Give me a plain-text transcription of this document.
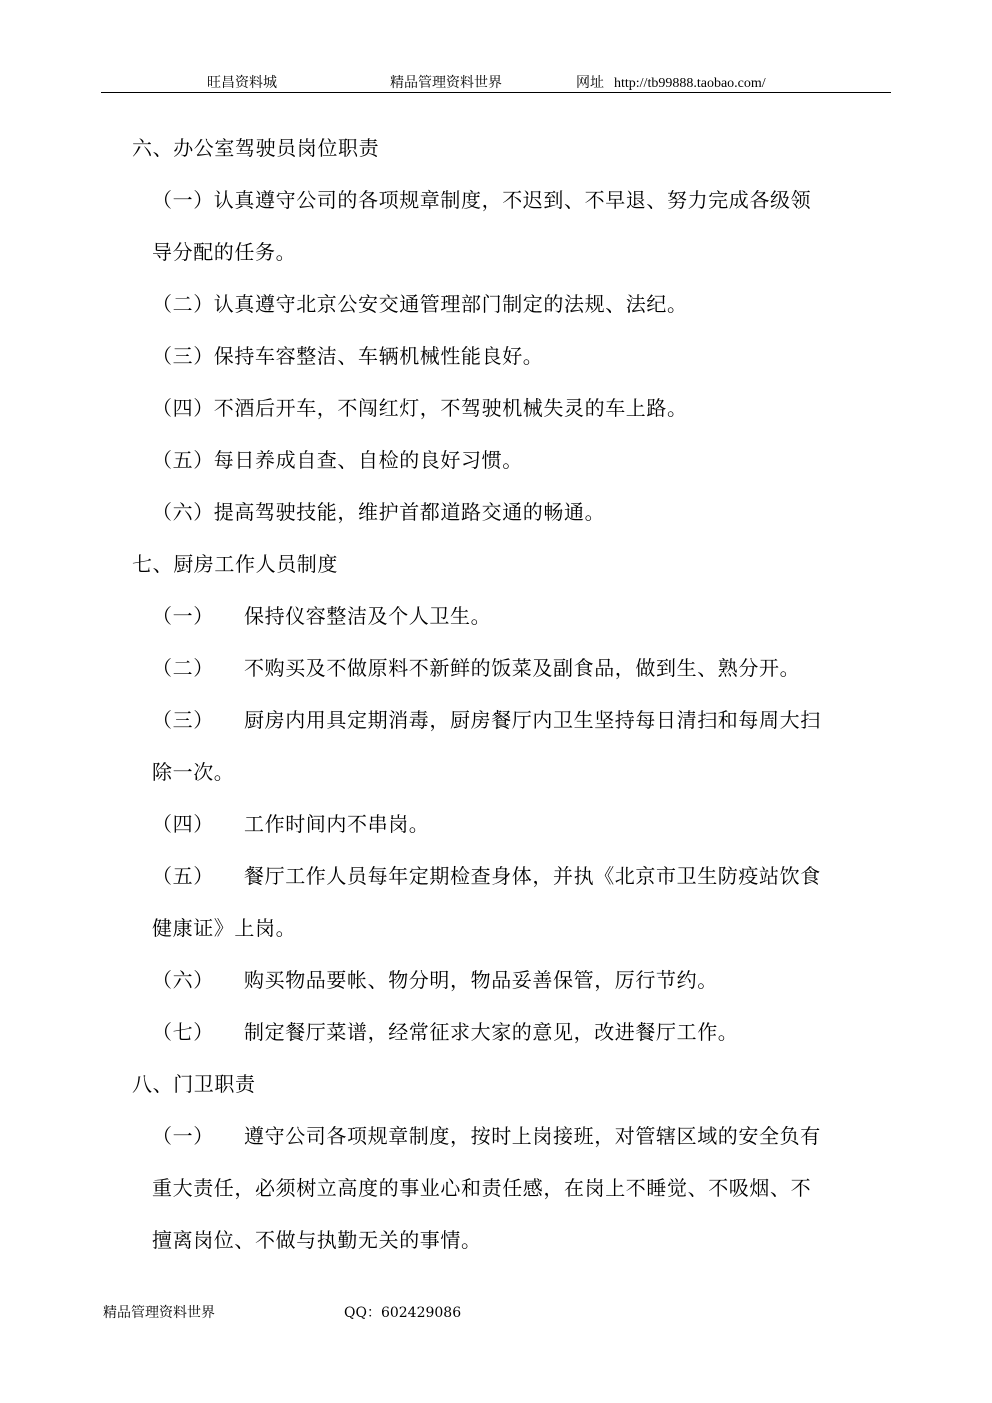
旺昌资料城	精品管理资料世界	网址 http://tb99888.taobao.com/
六、办公室驾驶员岗位职责
（一）认真遵守公司的各项规章制度，不迟到、不早退、努力完成各级领
导分配的任务。
（二）认真遵守北京公安交通管理部门制定的法规、法纪。
（三）保持车容整洁、车辆机械性能良好。
（四）不酒后开车，不闯红灯，不驾驶机械失灵的车上路。
（五）每日养成自查、自检的良好习惯。
（六）提高驾驶技能，维护首都道路交通的畅通。
七、厨房工作人员制度
（一） 保持仪容整洁及个人卫生。
（二） 不购买及不做原料不新鲜的饭菜及副食品，做到生、熟分开。
（三） 厨房内用具定期消毒，厨房餐厅内卫生坚持每日清扫和每周大扫
除一次。
（四） 工作时间内不串岗。
（五） 餐厅工作人员每年定期检查身体，并执《北京市卫生防疫站饮食
健康证》上岗。
（六） 购买物品要帐、物分明，物品妥善保管，厉行节约。
（七） 制定餐厅菜谱，经常征求大家的意见，改进餐厅工作。
八、门卫职责
（一） 遵守公司各项规章制度，按时上岗接班，对管辖区域的安全负有
重大责任，必须树立高度的事业心和责任感，在岗上不睡觉、不吸烟、不
擅离岗位、不做与执勤无关的事情。
精品管理资料世界	QQ：602429086
